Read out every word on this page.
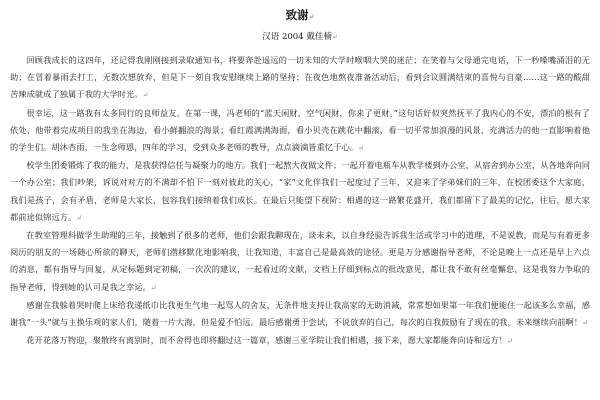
致谢↵
汉语 2004 戴佳楠↵

回顾我成长的这四年，还记得我刚刚接到录取通知书，将要奔赴遥远的一切未知的大学时喉咽大哭的迷茫；在笑着与父母通完电话，下一秒嗓嘴涌泪的无助；在冒着暴雨去打工，无数次想放弃，但是下一刻自我安慰继续上路的坚持；在夜色地熬夜准备活动后，看到会议圆满结束的喜悦与自豪……这一路的酸甜苦辣成就成了独属于我的大学时光。↵

很幸运，这一路我有太多同行的良师益友。在第一课，冯老师的“蓝天闲财，空气闲财，你来了更财。”这句话好似突然抚平了我内心的不安，漂泊的根有了依处，他带着完成项目的我坐在海边，看小鲜翻浪的海景；看红霞满满海面，看小贝壳在跳花中翻滚，看一切平常加浪漫的风景，充满活力的他一直影响着他的学生们。胡沐杏雨，一生念师恩，四年的学习，受到众多老师的教导，点点滴滴皆重忆于心。↵

校学生团委锻炼了我的能力，是我获得信任与凝聚力的地方。我们一起熬大夜做文件；一起开着电瓶车从教学楼到办公室，从宿舍到办公室，从各地奔向同一个办公室；我们吵架，诉说对对方的不满却不怕下一刻对彼此的关心，“家”文化伴我们一起度过了三年，又迎来了学弟妹们的三年，在校团委这个大家庭，我们是孩子，会有矛盾，老师是大家长，包容我们接纳着我们成长。在最后只能望下视阶：相遇的这一路繁花盛开，我们都留下了最美的记忆，往后，愿大家都前途似锦远方。↵

在教室管理科做学生助理的三年，接触到了很多的老师，他们会跟我聊现在，谈未来，以自身经验告诉我生活或学习中的道理，不是说教，而是与有着更多阅历的朋友的一场随心所欲的聊天，老师们潜移默化地影响我，让我知道，丰富自己是最高效的途径。更是万分感谢指导老师，不论是晚上一点还是早上六点的消息，都有指导与回复，从定标题到定初稿，一次次的建议，一起看过的文献，文档上仔细到标点的批改意见，都让我不敢有丝毫懈怠，这是我努力争取的指导老师，得到她的认可是我之幸运。↵

感谢在我躲着哭时爬上床给我递纸巾比我更生气地一起骂人的舍友，无条件地支持让我高家的无助消减，常常想如果第一年我们便能住一起该多么幸福，感谢我“一头”就与主换乐观的家人们，随着一片大海，但是爱不怕远。最后感谢勇于尝试，不说放弃的自己，每次的自我鼓励有了现在的我，未来继续向前啊！↵

花开花落万物迎，聚散终有离别时，而不舍得也即将翻过这一篇章，感谢三亚学院让我们相遇，接下来，愿大家都能奔向诗和远方！↵
